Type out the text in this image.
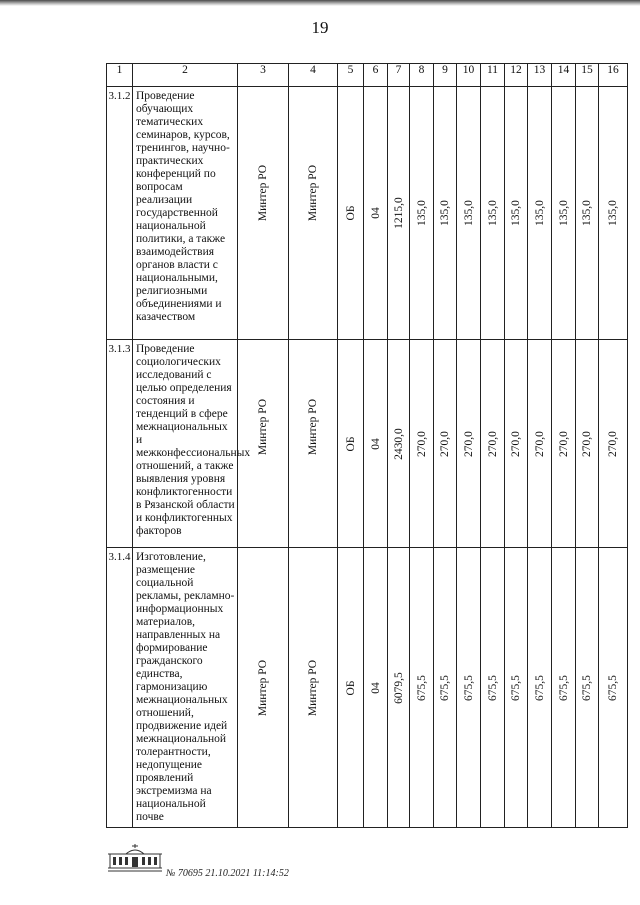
19
1	2	3	4	5	6	7	8	9	10	11	12	13	14	15	16
3.1.2	Проведение обучающих тематических семинаров, курсов, тренингов, научно-практических конференций по вопросам реализации государственной национальной политики, а также взаимодействия органов власти с национальными, религиозными объединениями и казачеством	Минтер РО	Минтер РО	ОБ	04	1215,0	135,0	135,0	135,0	135,0	135,0	135,0	135,0	135,0	135,0

3.1.3	Проведение социологических исследований с целью определения состояния и тенденций в сфере межнациональных и межконфессиональных отношений, а также выявления уровня конфликтогенности в Рязанской области и конфликтогенных факторов	Минтер РО	Минтер РО	ОБ	04	2430,0	270,0	270,0	270,0	270,0	270,0	270,0	270,0	270,0	270,0

3.1.4	Изготовление, размещение социальной рекламы, рекламно-информационных материалов, направленных на формирование гражданского единства, гармонизацию межнациональных отношений, продвижение идей межнациональной толерантности, недопущение проявлений экстремизма на национальной почве	Минтер РО	Минтер РО	ОБ	04	6079,5	675,5	675,5	675,5	675,5	675,5	675,5	675,5	675,5	675,5
№ 70695 21.10.2021 11:14:52
